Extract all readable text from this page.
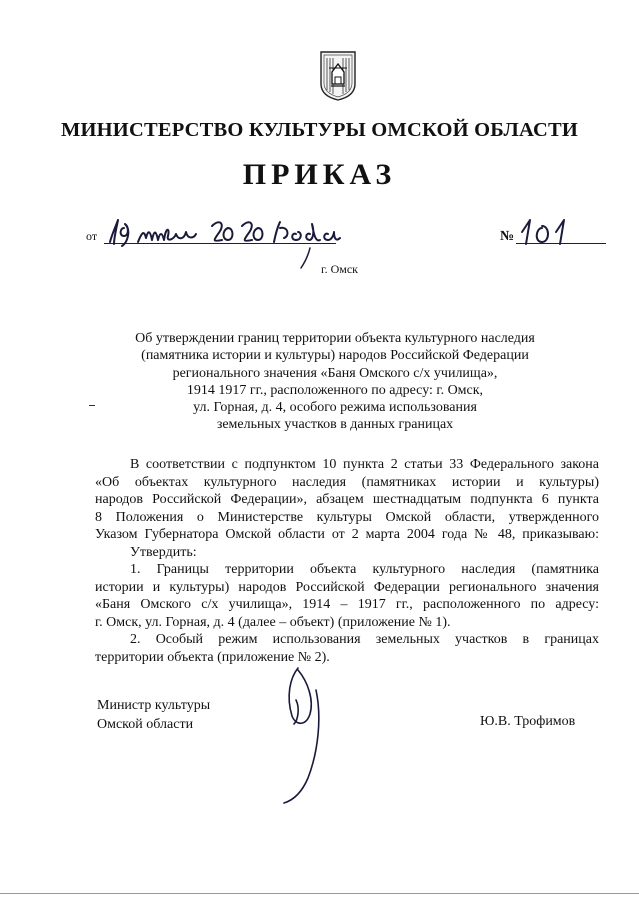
МИНИСТЕРСТВО КУЛЬТУРЫ ОМСКОЙ ОБЛАСТИ
ПРИКАЗ
от	№
г. Омск
Об утверждении границ территории объекта культурного наследия
(памятника истории и культуры) народов Российской Федерации
регионального значения «Баня Омского с/х училища»,
1914 1917 гг., расположенного по адресу: г. Омск,
ул. Горная, д. 4, особого режима использования
земельных участков в данных границах

В соответствии с подпунктом 10 пункта 2 статьи 33 Федерального закона

«Об объектах культурного наследия (памятниках истории и культуры)

народов Российской Федерации», абзацем шестнадцатым подпункта 6 пункта

8 Положения о Министерстве культуры Омской области, утвержденного

Указом Губернатора Омской области от 2 марта 2004 года № 48, приказываю:

Утвердить:

1. Границы территории объекта культурного наследия (памятника

истории и культуры) народов Российской Федерации регионального значения

«Баня Омского с/х училища», 1914 – 1917 гг., расположенного по адресу:

г. Омск, ул. Горная, д. 4 (далее – объект) (приложение № 1).

2. Особый режим использования земельных участков в границах

территории объекта (приложение № 2).

Министр культуры
Омской области	Ю.В. Трофимов
